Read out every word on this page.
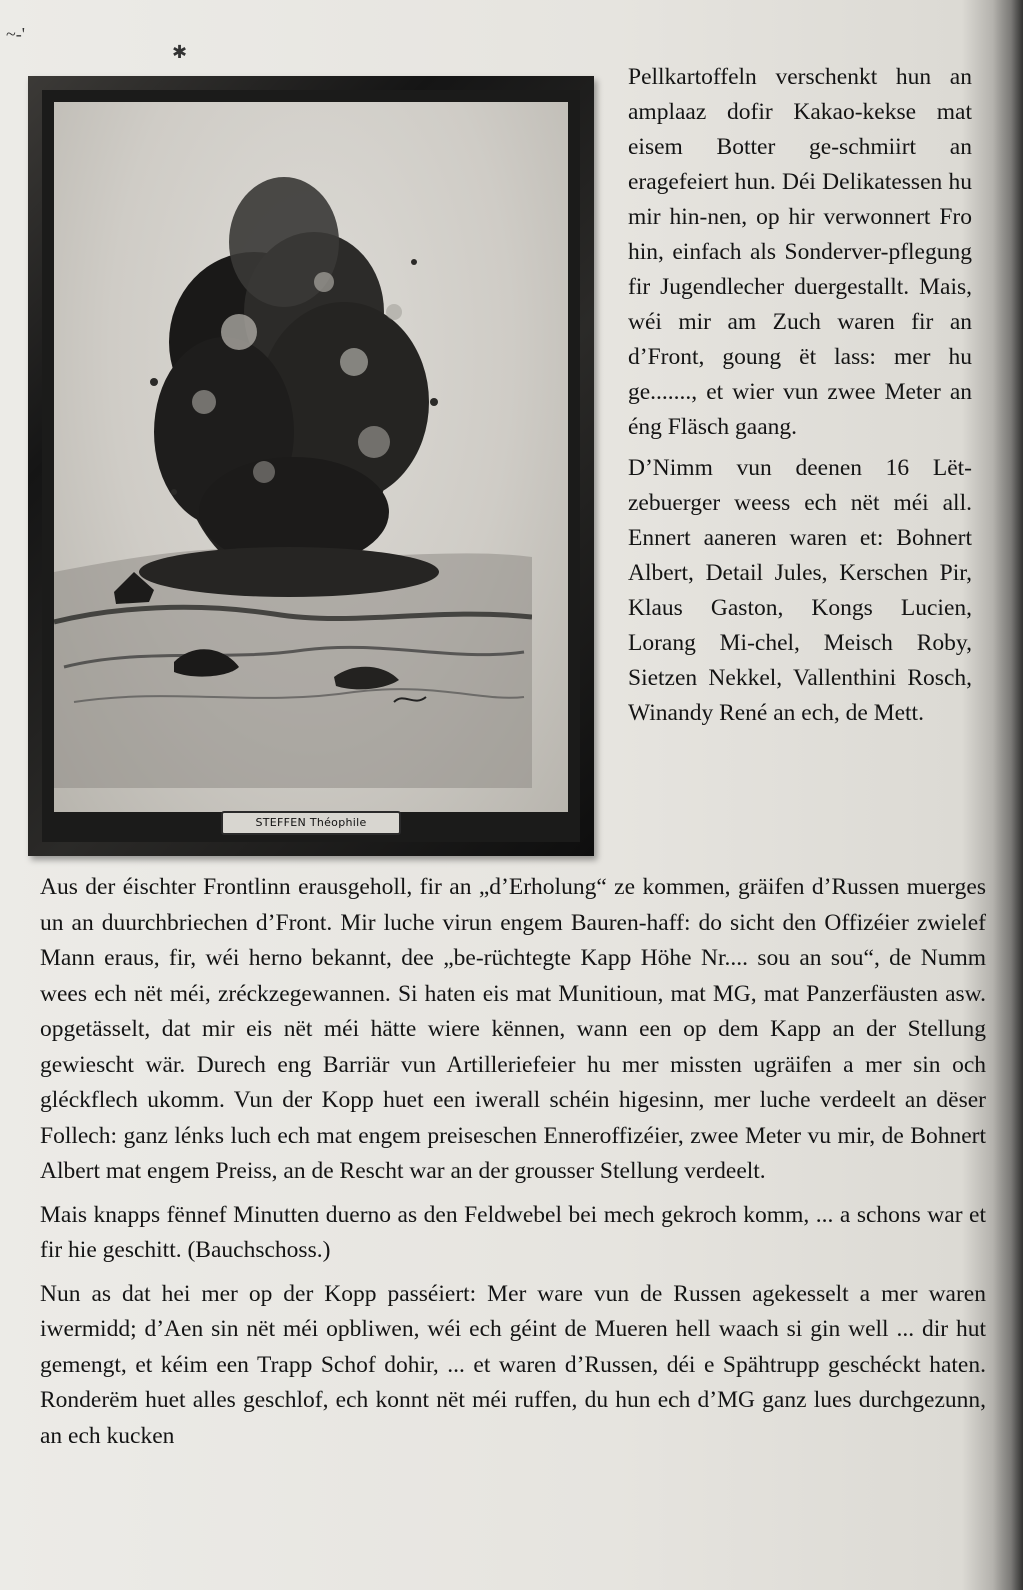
~-'
✱
STEFFEN Théophile

Pellkartoffeln verschenkt hun an amplaaz dofir Kakao-kekse mat eisem Botter ge-schmiirt an eragefeiert hun. Déi Delikatessen hu mir hin-nen, op hir verwonnert Fro hin, einfach als Sonderver-pflegung fir Jugendlecher duergestallt. Mais, wéi mir am Zuch waren fir an d’Front, goung ët lass: mer hu ge......., et wier vun zwee Meter an éng Fläsch gaang.

D’Nimm vun deenen 16 Lët-zebuerger weess ech nët méi all. Ennert aaneren waren et: Bohnert Albert, Detail Jules, Kerschen Pir, Klaus Gaston, Kongs Lucien, Lorang Mi-chel, Meisch Roby, Sietzen Nekkel, Vallenthini Rosch, Winandy René an ech, de Mett.

Aus der éischter Frontlinn erausgeholl, fir an „d’Erholung“ ze kommen, gräifen d’Russen muerges un an duurchbriechen d’Front. Mir luche virun engem Bauren-haff: do sicht den Offizéier zwielef Mann eraus, fir, wéi herno bekannt, dee „be-rüchtegte Kapp Höhe Nr.... sou an sou“, de Numm wees ech nët méi, zréckzegewannen. Si haten eis mat Munitioun, mat MG, mat Panzerfäusten asw. opgetässelt, dat mir eis nët méi hätte wiere kënnen, wann een op dem Kapp an der Stellung gewiescht wär. Durech eng Barriär vun Artilleriefeier hu mer missten ugräifen a mer sin och gléckflech ukomm. Vun der Kopp huet een iwerall schéin higesinn, mer luche verdeelt an dëser Follech: ganz lénks luch ech mat engem preiseschen Enneroffizéier, zwee Meter vu mir, de Bohnert Albert mat engem Preiss, an de Rescht war an der grousser Stellung verdeelt.

Mais knapps fënnef Minutten duerno as den Feldwebel bei mech gekroch komm, ... a schons war et fir hie geschitt. (Bauchschoss.)

Nun as dat hei mer op der Kopp passéiert: Mer ware vun de Russen agekesselt a mer waren iwermidd; d’Aen sin nët méi opbliwen, wéi ech géint de Mueren hell waach si gin well ... dir hut gemengt, et kéim een Trapp Schof dohir, ... et waren d’Russen, déi e Spähtrupp geschéckt haten. Ronderëm huet alles geschlof, ech konnt nët méi ruffen, du hun ech d’MG ganz lues durchgezunn, an ech kucken
